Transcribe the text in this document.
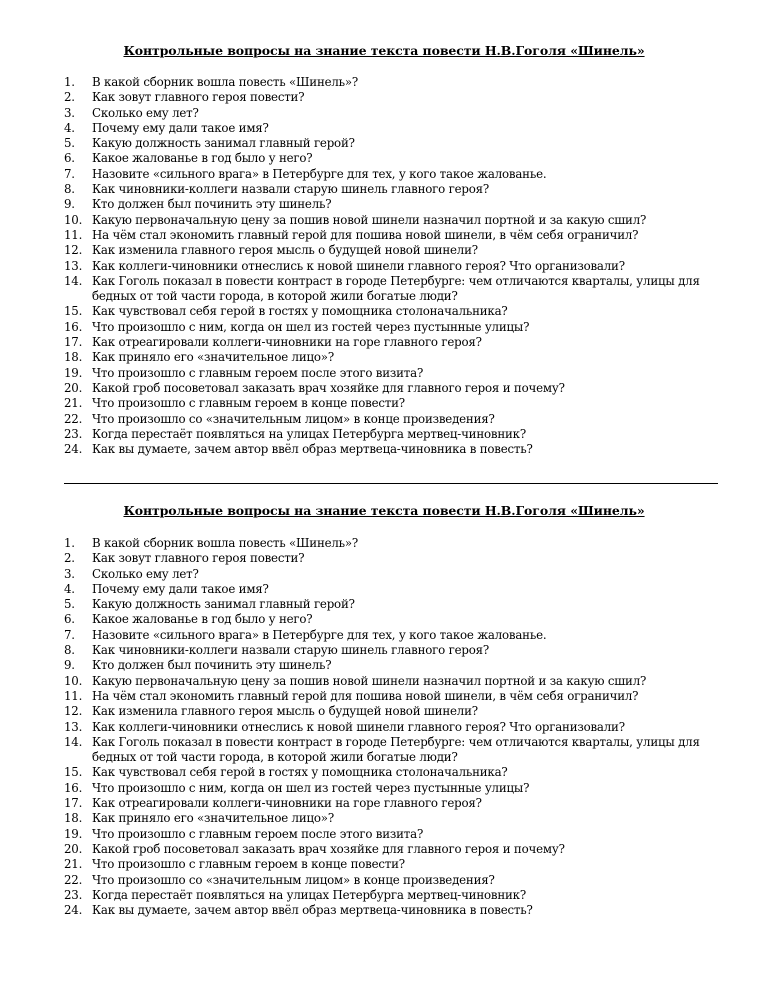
Контрольные вопросы на знание текста повести Н.В.Гоголя «Шинель»
1. В какой сборник вошла повесть «Шинель»?
2. Как зовут главного героя повести?
3. Сколько ему лет?
4. Почему ему дали такое имя?
5. Какую должность занимал главный герой?
6. Какое жалованье в год было у него?
7. Назовите «сильного врага» в Петербурге для тех, у кого такое жалованье.
8. Как чиновники-коллеги назвали старую шинель главного героя?
9. Кто должен был починить эту шинель?
10. Какую первоначальную цену за пошив новой шинели назначил портной и за какую сшил?
11. На чём стал экономить главный герой для пошива новой шинели, в чём себя ограничил?
12. Как изменила главного героя мысль о будущей новой шинели?
13. Как коллеги-чиновники отнеслись к новой шинели главного героя? Что организовали?
14. Как Гоголь показал в повести контраст в городе Петербурге: чем отличаются кварталы, улицы для бедных от той части города, в которой жили богатые люди?
15. Как чувствовал себя герой в гостях у помощника столоначальника?
16. Что произошло с ним, когда он шел из гостей через пустынные улицы?
17. Как отреагировали коллеги-чиновники на горе главного героя?
18. Как приняло его «значительное лицо»?
19. Что произошло с главным героем после этого визита?
20. Какой гроб посоветовал заказать врач хозяйке для главного героя и почему?
21. Что произошло с главным героем в конце повести?
22. Что произошло со «значительным лицом» в конце произведения?
23. Когда перестаёт появляться на улицах Петербурга мертвец-чиновник?
24. Как вы думаете, зачем автор ввёл образ мертвеца-чиновника в повесть?
Контрольные вопросы на знание текста повести Н.В.Гоголя «Шинель»
1. В какой сборник вошла повесть «Шинель»?
2. Как зовут главного героя повести?
3. Сколько ему лет?
4. Почему ему дали такое имя?
5. Какую должность занимал главный герой?
6. Какое жалованье в год было у него?
7. Назовите «сильного врага» в Петербурге для тех, у кого такое жалованье.
8. Как чиновники-коллеги назвали старую шинель главного героя?
9. Кто должен был починить эту шинель?
10. Какую первоначальную цену за пошив новой шинели назначил портной и за какую сшил?
11. На чём стал экономить главный герой для пошива новой шинели, в чём себя ограничил?
12. Как изменила главного героя мысль о будущей новой шинели?
13. Как коллеги-чиновники отнеслись к новой шинели главного героя? Что организовали?
14. Как Гоголь показал в повести контраст в городе Петербурге: чем отличаются кварталы, улицы для бедных от той части города, в которой жили богатые люди?
15. Как чувствовал себя герой в гостях у помощника столоначальника?
16. Что произошло с ним, когда он шел из гостей через пустынные улицы?
17. Как отреагировали коллеги-чиновники на горе главного героя?
18. Как приняло его «значительное лицо»?
19. Что произошло с главным героем после этого визита?
20. Какой гроб посоветовал заказать врач хозяйке для главного героя и почему?
21. Что произошло с главным героем в конце повести?
22. Что произошло со «значительным лицом» в конце произведения?
23. Когда перестаёт появляться на улицах Петербурга мертвец-чиновник?
24. Как вы думаете, зачем автор ввёл образ мертвеца-чиновника в повесть?
